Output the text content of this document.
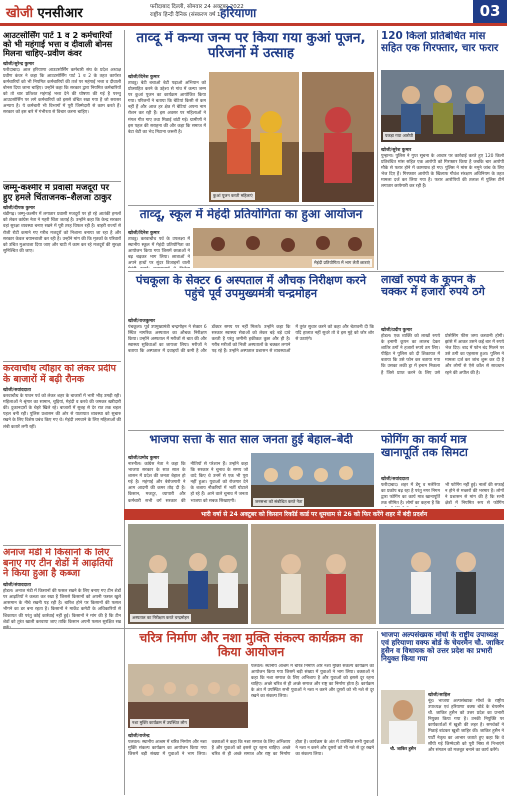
खोजी एनसीआर	फरीदाबाद दिल्ली, सोमवार 24 अक्टूबर 2022
राष्ट्रीय हिन्दी दैनिक (संस्करण वर्ष 1)
हरियाणा	03
आउटसोर्सिंग पार्ट 1 व 2 कर्मचारियों को भी महंगाई भत्ता व दीवाली बोनस मिलना चाहिए–प्रवीण कंवर
खोजी/सुरेन्द्र कुमार
फरीदाबाद। आल हरियाणा आउटसोर्सिंग कर्मचारी संघ के प्रदेश अध्यक्ष प्रवीण कंवर ने कहा कि आउटसोर्सिंग पार्ट 1 व 2 के तहत कार्यरत कर्मचारियों को भी नियमित कर्मचारियों की तर्ज पर महंगाई भत्ता व दीवाली बोनस दिया जाना चाहिए। उन्होंने कहा कि सरकार द्वारा नियमित कर्मचारियों को तो चार प्रतिशत महंगाई भत्ता देने की घोषणा की गई है परन्तु आउटसोर्सिंग पर लगे कर्मचारियों को इससे वंचित रखा गया है जो सरासर अन्याय है। ये कर्मचारी भी विभागों में पूरी जिम्मेदारी से काम करते हैं। सरकार को इस बारे में गंभीरता से विचार करना चाहिए।
जम्मू-कश्मीर में प्रवासी मजदूरों पर हुए हमले चिंताजनक–शैलजा ठाकुर
खोजी/दीपक कुमार
चंडीगढ़। जम्मू-कश्मीर में लगातार प्रवासी मजदूरों पर हो रहे आतंकी हमलों को लेकर कांग्रेस नेता ने गहरी चिंता जताई है। उन्होंने कहा कि केन्द्र सरकार वहां सुरक्षा व्यवस्था बनाए रखने में पूरी तरह विफल रही है। बाहरी राज्यों से रोजी रोटी कमाने गए गरीब मजदूरों को निशाना बनाया जा रहा है और सरकार केवल बयानबाजी कर रही है। उन्होंने मांग की कि मृतकों के परिवारों को उचित मुआवजा दिया जाए और घाटी में काम कर रहे मजदूरों की सुरक्षा सुनिश्चित की जाए।
करवाचौथ त्यौहार को लेकर प्रदीप के बाजारों में बढ़ी रौनक
खोजी/सवांददाता
करवाचौथ के पावन पर्व को लेकर शहर के बाजारों में भारी भीड़ उमड़ी रही। महिलाओं ने श्रृंगार का सामान, चूड़ियां, मेहंदी व करवे की जमकर खरीदारी की। दुकानदारों के चेहरे खिले रहे। बाजारों में सुबह से देर रात तक चहल पहल बनी रही। पुलिस प्रशासन की ओर से यातायात व्यवस्था को सुचारु रखने के लिए विशेष प्रबंध किए गए थे। मेहंदी लगवाने के लिए महिलाओं की लंबी कतारें लगी रहीं।
अनाज मंडी में किसानों के लिए बनाए गए टीन शेडों में आढ़तियों ने किया हुआ है कब्जा
खोजी/संवाददाता
होडल। अनाज मंडी में किसानों की फसल रखने के लिए बनाए गए टीन शेडों पर आढ़तियों ने कब्जा कर रखा है जिससे किसानों को अपनी फसल खुले आसमान के नीचे रखनी पड़ रही है। बारिश होने पर किसानों की फसल भीगने का डर बना रहता है। किसानों ने मार्केट कमेटी के अधिकारियों से शिकायत की परंतु कोई कार्रवाई नहीं हुई। किसानों ने मांग की है कि टीन शेडों को तुरंत खाली करवाया जाए ताकि किसान अपनी फसल सुरक्षित रख
ताव्दू में कन्या जन्म पर किया गया कुआं पूजन, परिजनों में उत्साह
खोजी/दिनेश कुमार
तावडू। बेटी बचाओ बेटी पढ़ाओ अभियान को प्रोत्साहित करने के उद्देश्य से गांव में कन्या जन्म पर कुआं पूजन का कार्यक्रम आयोजित किया गया। परिजनों ने बताया कि बेटियां किसी से कम नहीं हैं और आज हर क्षेत्र में बेटियां अपना नाम रोशन कर रही हैं। इस अवसर पर महिलाओं ने मंगल गीत गाए तथा मिठाई बांटी गई। ग्रामीणों ने इस पहल की सराहना की और कहा कि समाज में बेटा बेटी का भेद मिटाना जरूरी है।
कुआं पूजन करती महिलाएं
120 किलो प्रतिबंधित मांस सहित एक गिरफ्तार, चार फरार
पकड़ा गया आरोपी
खोजी/सुरेश कुमार
पुन्हाना। पुलिस ने गुप्त सूचना के आधार पर कार्रवाई करते हुए 120 किलो प्रतिबंधित मांस सहित एक आरोपी को गिरफ्तार किया है जबकि चार आरोपी मौके से फरार होने में कामयाब हो गए। पुलिस ने मांस के नमूने जांच के लिए भेज दिए हैं। गिरफ्तार आरोपी के खिलाफ गौवंश संरक्षण अधिनियम के तहत मामला दर्ज कर लिया गया है। फरार आरोपियों की तलाश में पुलिस टीमें लगातार छापेमारी कर रही हैं।
ताव्दू, स्कूल में मेहंदी प्रतियोगिता का हुआ आयोजन
खोजी/दिनेश कुमार
तावडू। करवाचौथ पर्व के उपलक्ष्य में स्थानीय स्कूल में मेहंदी प्रतियोगिता का आयोजन किया गया जिसमें छात्राओं ने बढ़ चढ़कर भाग लिया। छात्राओं ने अपने हाथों पर सुंदर डिजाइनों वाली	मेहंदी प्रतियोगिता में भाग लेती छात्राएं
पंचकूला के सेक्टर 6 अस्पताल में औचक निरीक्षण करने पहुंचे पूर्व उपमुख्यमंत्री चन्द्रमोहन
खोजी/राजकुमार
पंचकूला। पूर्व उपमुख्यमंत्री चन्द्रमोहन ने सेक्टर 6 स्थित नागरिक अस्पताल का औचक निरीक्षण किया। उन्होंने अस्पताल में मरीजों से बात की और स्वास्थ्य सुविधाओं का जायजा लिया। मरीजों ने बताया कि अस्पताल में दवाइयों की कमी है और डॉक्टर समय पर नहीं मिलते। उन्होंने कहा कि सरकार स्वास्थ्य सेवाओं को लेकर बड़े बड़े दावे करती है परंतु जमीनी हकीकत कुछ और ही है। गरीब मरीजों को निजी अस्पतालों के चक्कर लगाने पड़ रहे हैं। उन्होंने अस्पताल प्रशासन से व्यवस्थाओं में तुरंत सुधार करने को कहा और चेतावनी दी कि यदि हालात नहीं सुधरे तो वे इस मुद्दे को जोर शोर से उठाएंगे।
लाखों रुपये के कूपन के चक्कर में हजारों रुपये ठगे
खोजी/प्रदीप कुमार
होडल। एक व्यक्ति को लाखों रुपये के इनामी कूपन का लालच देकर शातिर ठगों ने हजारों रुपये ठग लिए। पीड़ित ने पुलिस को दी शिकायत में बताया कि उसे फोन कर बताया गया कि उसका लकी ड्रा में इनाम निकला है जिसे प्राप्त करने के लिए उसे प्रोसेसिंग फीस जमा करवानी होगी। झांसे में आकर उसने कई बार में रुपये भेज दिए। बाद में फोन बंद मिलने पर उसे ठगी का एहसास हुआ। पुलिस ने मामला दर्ज कर जांच शुरू कर दी है और लोगों से ऐसे कॉल से सावधान रहने की अपील की है।
भाजपा सत्ता के सात साल जनता हुई बेहाल–बेदी
खोजी/प्रमोद कुमार
नारनौल। कांग्रेस नेता ने कहा कि भाजपा सरकार के सात साल के शासन में प्रदेश की जनता बेहाल हो गई है। महंगाई और बेरोजगारी ने आम आदमी की कमर तोड़ दी है। किसान, मजदूर, व्यापारी और कर्मचारी सभी वर्ग सरकार की नीतियों से परेशान हैं। उन्होंने कहा कि सरकार ने चुनाव के समय जो वादे किए थे उनमें से एक भी पूरा नहीं हुआ। युवाओं को रोजगार देने के बजाय नौकरियों में भर्ती घोटाले हो रहे हैं। आने वाले चुनाव में जनता भाजपा को सबक सिखाएगी।	जनसभा को संबोधित करते नेता
फोगिंग का कार्य मात्र खानापूर्ति तक सिमटा
खोजी/सवांददाता
फरीदाबाद। शहर में डेंगू व मलेरिया का प्रकोप बढ़ रहा है परंतु नगर निगम द्वारा फोगिंग का कार्य मात्र खानापूर्ति तक सीमित है। लोगों का कहना है कि भी फोगिंग नहीं हुई। नालों की सफाई न होने से मच्छरों की भरमार है। लोगों ने प्रशासन से मांग की है कि सभी क्षेत्रों में नियमित रूप से फोगिंग
भारी वर्षा से 24 अक्टूबर को किसान रिकॉर्ड कार्ड पर धूमधाम से 26 को फिर करेंगे शहर में बंदी प्रदर्शन
अस्पताल का निरीक्षण करते चन्द्रमोहन
चरित्र निर्माण और नशा मुक्ति संकल्प कार्यक्रम का किया आयोजन
नशा मुक्ति कार्यक्रम में उपस्थित लोग
खोजी/राजेन्द्र
पलवल। स्थानीय आश्रम में चरित्र निर्माण और नशा मुक्ति संकल्प कार्यक्रम का आयोजन किया गया जिसमें बड़ी संख्या में युवाओं ने भाग लिया। वक्ताओं ने कहा कि नशा समाज के लिए अभिशाप है और युवाओं को इससे दूर रहना चाहिए। अच्छे चरित्र से ही अच्छे समाज और राष्ट्र का निर्माण होता है। कार्यक्रम के अंत में उपस्थित सभी युवाओं ने नशा न करने और दूसरों को भी नशे से दूर रखने का संकल्प लिया।
पलवल। स्थानीय आश्रम में चरित्र निर्माण और नशा मुक्ति संकल्प कार्यक्रम का आयोजन किया गया जिसमें बड़ी संख्या में युवाओं ने भाग लिया। वक्ताओं ने कहा कि नशा समाज के लिए अभिशाप है और युवाओं को इससे दूर रहना चाहिए। अच्छे चरित्र से ही अच्छे समाज और राष्ट्र का निर्माण होता है। कार्यक्रम के अंत में उपस्थित सभी युवाओं ने नशा न करने और दूसरों को भी नशे से दूर रखने का संकल्प लिया।
भाजपा अल्पसंख्यक मोर्चा के राष्ट्रीय उपाध्यक्ष एवं हरियाणा वक्फ बोर्ड के चेयरमैन चौ. जाकिर हुसैन व विधायक को उत्तर प्रदेश का प्रभारी नियुक्त किया गया
चौ. जाकिर हुसैन
खोजी/साहिल
नूंह। भाजपा अल्पसंख्यक मोर्चा के राष्ट्रीय उपाध्यक्ष एवं हरियाणा वक्फ बोर्ड के चेयरमैन चौ. जाकिर हुसैन को उत्तर प्रदेश का प्रभारी नियुक्त किया गया है। उनकी नियुक्ति पर कार्यकर्ताओं में खुशी की लहर है। समर्थकों ने मिठाई बांटकर खुशी जाहिर की। जाकिर हुसैन ने पार्टी नेतृत्व का आभार जताते हुए कहा कि वे सौंपी गई जिम्मेदारी को पूरी निष्ठा से निभाएंगे और संगठन को मजबूत बनाने का कार्य करेंगे।
